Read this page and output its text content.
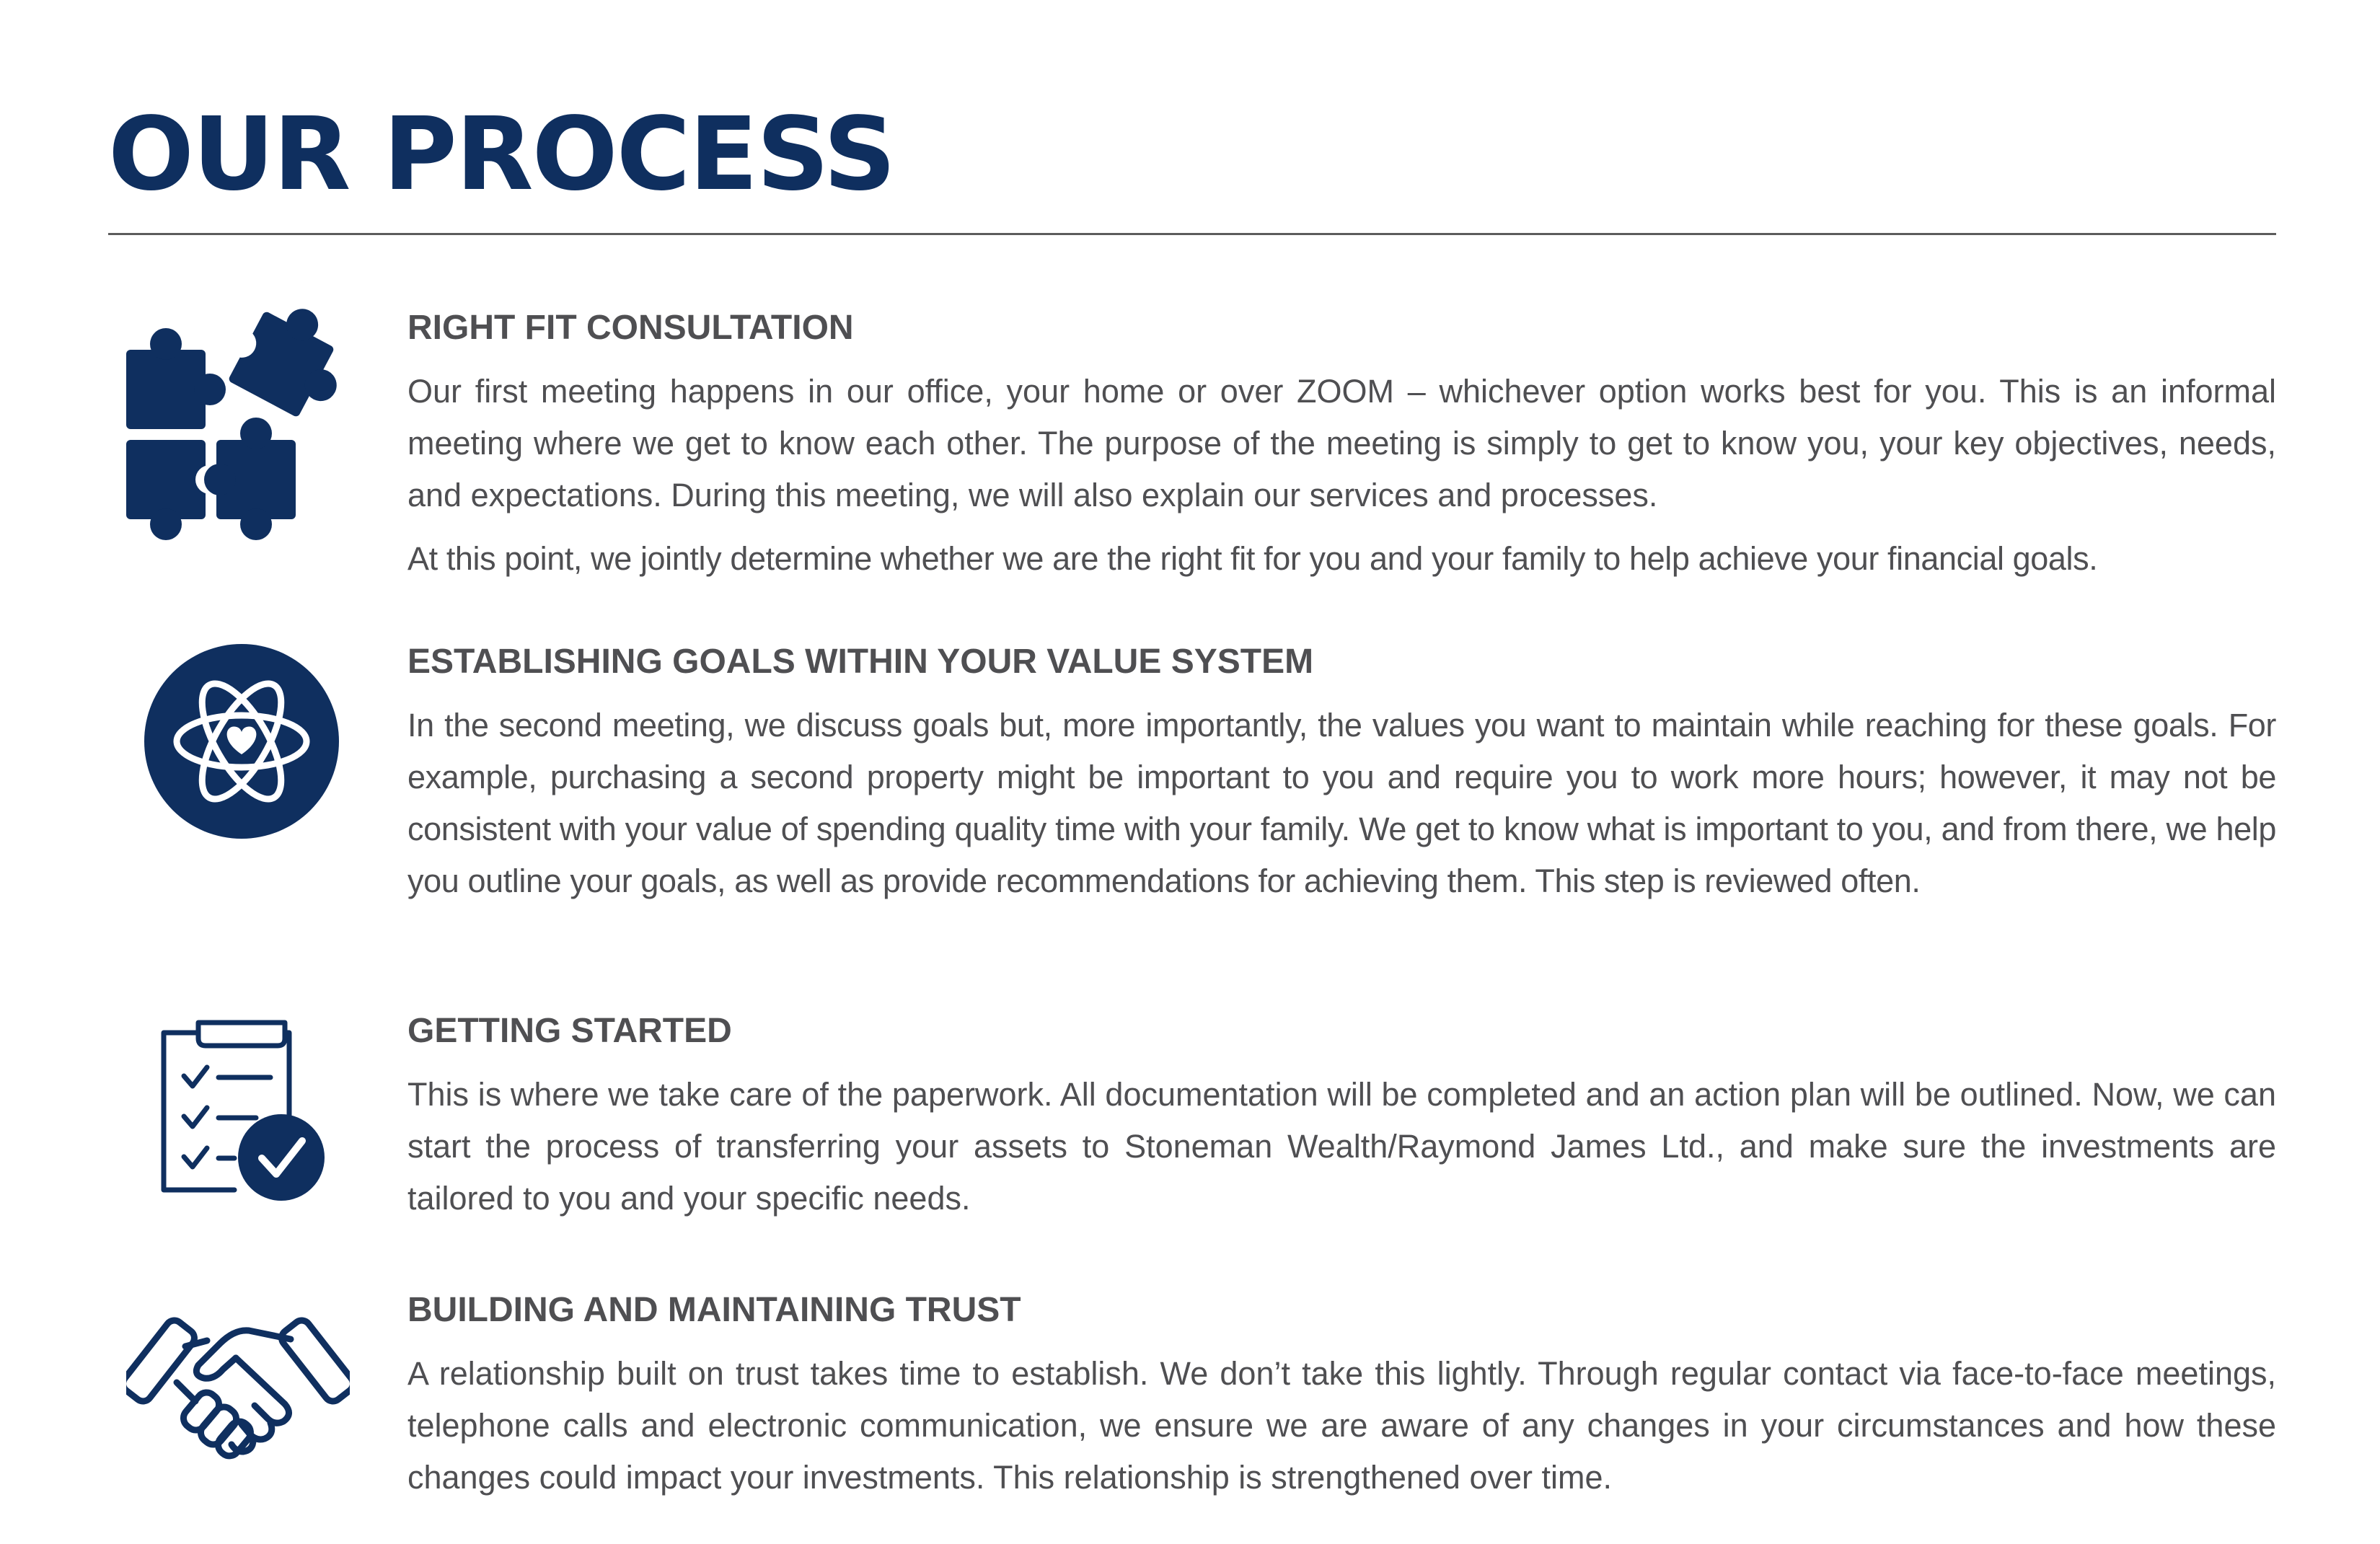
OUR PROCESS
RIGHT FIT CONSULTATION

Our first meeting happens in our office, your home or over ZOOM – whichever option works best for you. This is an informal meeting where we get to know each other. The purpose of the meeting is simply to get to know you, your key objectives, needs, and expectations. During this meeting, we will also explain our services and processes.

At this point, we jointly determine whether we are the right fit for you and your family to help achieve your financial goals.

ESTABLISHING GOALS WITHIN YOUR VALUE SYSTEM

In the second meeting, we discuss goals but, more importantly, the values you want to maintain while reaching for these goals. For example, purchasing a second property might be important to you and require you to work more hours; however, it may not be consistent with your value of spending quality time with your family. We get to know what is important to you, and from there, we help you outline your goals, as well as provide recommendations for achieving them. This step is reviewed often.

GETTING STARTED

This is where we take care of the paperwork. All documentation will be completed and an action plan will be outlined. Now, we can start the process of transferring your assets to Stoneman Wealth/Raymond James Ltd., and make sure the investments are tailored to you and your specific needs.

BUILDING AND MAINTAINING TRUST

A relationship built on trust takes time to establish. We don’t take this lightly. Through regular contact via face-to-face meetings, telephone calls and electronic communication, we ensure we are aware of any changes in your circumstances and how these changes could impact your investments. This relationship is strengthened over time.
